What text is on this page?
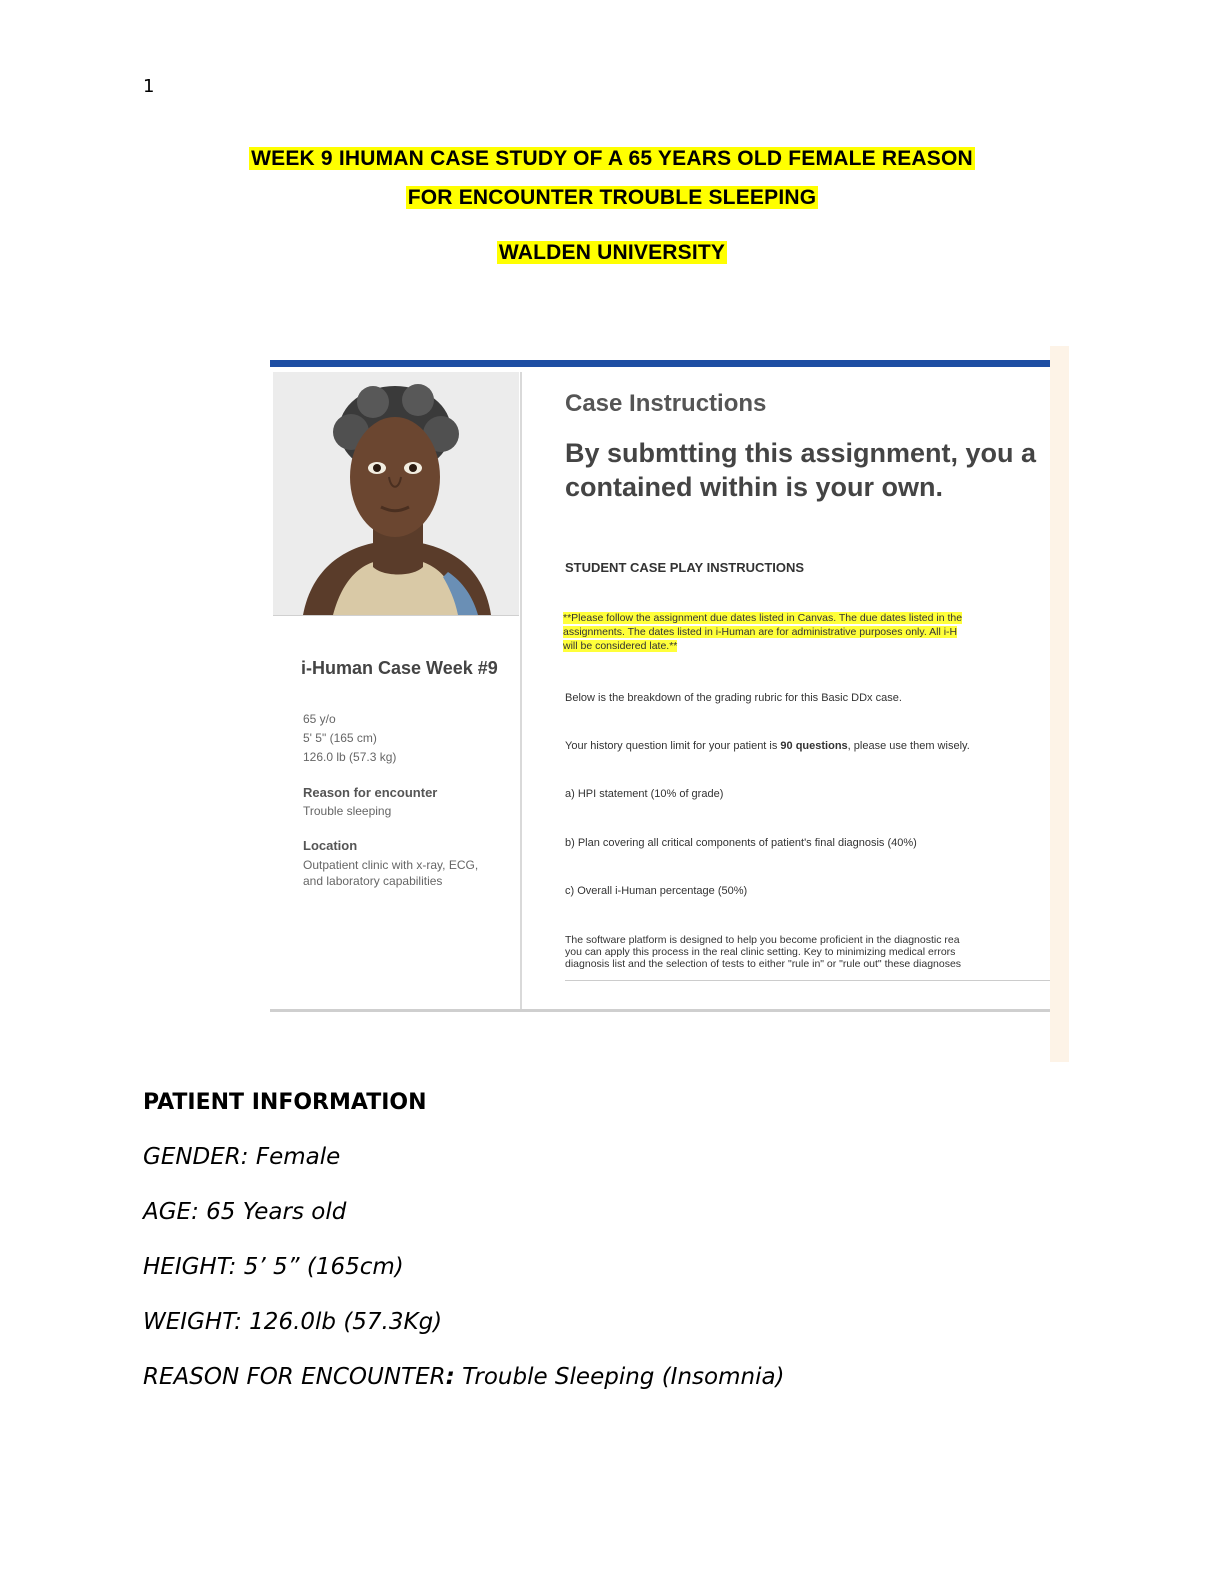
1
WEEK 9 IHUMAN CASE STUDY OF A 65 YEARS OLD FEMALE REASON
FOR ENCOUNTER TROUBLE SLEEPING
WALDEN UNIVERSITY
i-Human Case Week #9
65 y/o
5' 5" (165 cm)
126.0 lb (57.3 kg)
Reason for encounter
Trouble sleeping
Location
Outpatient clinic with x-ray, ECG,
and laboratory capabilities
Case Instructions
By submtting this assignment, you a
contained within is your own.
STUDENT CASE PLAY INSTRUCTIONS
**Please follow the assignment due dates listed in Canvas. The due dates listed in the
assignments. The dates listed in i-Human are for administrative purposes only. All i-H
will be considered late.**
Below is the breakdown of the grading rubric for this Basic DDx case.
Your history question limit for your patient is 90 questions, please use them wisely.
a) HPI statement (10% of grade)
b) Plan covering all critical components of patient's final diagnosis (40%)
c) Overall i-Human percentage (50%)
The software platform is designed to help you become proficient in the diagnostic rea
you can apply this process in the real clinic setting. Key to minimizing medical errors
diagnosis list and the selection of tests to either "rule in" or "rule out" these diagnoses
PATIENT INFORMATION
GENDER: Female
AGE: 65 Years old
HEIGHT: 5’ 5” (165cm)
WEIGHT: 126.0lb (57.3Kg)
REASON FOR ENCOUNTER: Trouble Sleeping (Insomnia)
